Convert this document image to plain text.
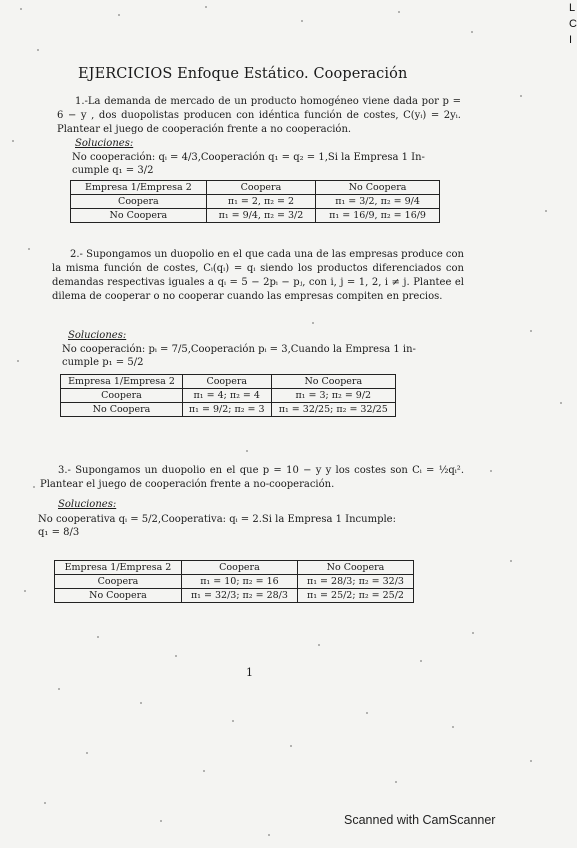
L
C
I
EJERCICIOS Enfoque Estático. Cooperación
1.-La demanda de mercado de un producto homogéneo viene dada por p = 6 − y , dos duopolistas producen con idéntica función de costes, C(yᵢ) = 2yᵢ. Plantear el juego de cooperación frente a no cooperación.
Soluciones:
No cooperación: qᵢ = 4/3,Cooperación q₁ = q₂ = 1,Si la Empresa 1 In-
cumple q₁ = 3/2
Empresa 1/Empresa 2	Coopera	No Coopera
Coopera	π₁ = 2, π₂ = 2	π₁ = 3/2, π₂ = 9/4
No Coopera	π₁ = 9/4, π₂ = 3/2	π₁ = 16/9, π₂ = 16/9
2.- Supongamos un duopolio en el que cada una de las empresas produce con la misma función de costes, Cᵢ(qᵢ) = qᵢ siendo los productos diferenciados con demandas respectivas iguales a qᵢ = 5 − 2pᵢ − pⱼ, con i, j = 1, 2, i ≠ j. Plantee el dilema de cooperar o no cooperar cuando las empresas compiten en precios.
Soluciones:
No cooperación: pᵢ = 7/5,Cooperación pᵢ = 3,Cuando la Empresa 1 in-
cumple p₁ = 5/2
Empresa 1/Empresa 2	Coopera	No Coopera
Coopera	π₁ = 4; π₂ = 4	π₁ = 3; π₂ = 9/2
No Coopera	π₁ = 9/2; π₂ = 3	π₁ = 32/25; π₂ = 32/25
3.- Supongamos un duopolio en el que p = 10 − y y los costes son Cᵢ = ½qᵢ². Plantear el juego de cooperación frente a no-cooperación.
Soluciones:
No cooperativa qᵢ = 5/2,Cooperativa: qᵢ = 2.Si la Empresa 1 Incumple:
q₁ = 8/3
Empresa 1/Empresa 2	Coopera	No Coopera
Coopera	π₁ = 10; π₂ = 16	π₁ = 28/3; π₂ = 32/3
No Coopera	π₁ = 32/3; π₂ = 28/3	π₁ = 25/2; π₂ = 25/2
1
Scanned with CamScanner
